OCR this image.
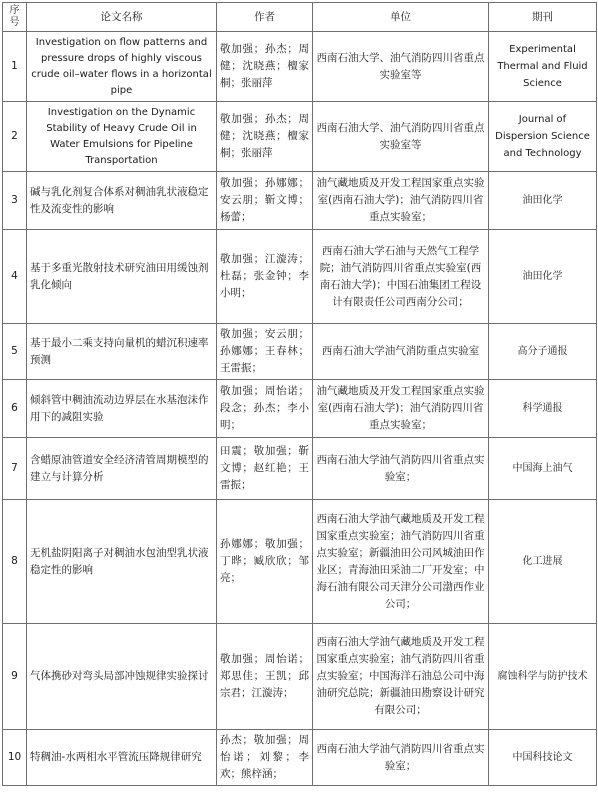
序号	论文名称	作者	单位	期刊
1	Investigation on flow patterns and pressure drops of highly viscous crude oil–water flows in a horizontal pipe	敬加强；孙杰；周健；沈晓燕；檀家桐；张丽萍	西南石油大学、油气消防四川省重点实验室等	Experimental Thermal and Fluid Science
2	Investigation on the Dynamic Stability of Heavy Crude Oil in Water Emulsions for Pipeline Transportation	敬加强；孙杰；周健；沈晓燕；檀家桐；张丽萍	西南石油大学、油气消防四川省重点实验室等	Journal of Dispersion Science and Technology
3	碱与乳化剂复合体系对稠油乳状液稳定性及流变性的影响	敬加强；孙娜娜；安云朋；靳文博；杨蕾；	油气藏地质及开发工程国家重点实验室(西南石油大学)；油气消防四川省重点实验室；	油田化学
4	基于多重光散射技术研究油田用缓蚀剂乳化倾向	敬加强；江漩涛；杜磊；张金钟；李小明；	西南石油大学石油与天然气工程学院；油气消防四川省重点实验室(西南石油大学)；中国石油集团工程设计有限责任公司西南分公司；	油田化学
5	基于最小二乘支持向量机的蜡沉积速率预测	敬加强；安云朋；孙娜娜；王春林；王雷振；	西南石油大学油气消防重点实验室	高分子通报
6	倾斜管中稠油流动边界层在水基泡沫作用下的减阻实验	敬加强；周怡诺；段念；孙杰；李小明；	油气藏地质及开发工程国家重点实验室(西南石油大学)；油气消防四川省重点实验室；	科学通报
7	含蜡原油管道安全经济清管周期模型的建立与计算分析	田震；敬加强；靳文博；赵红艳；王雷振；	西南石油大学油气消防四川省重点实验室；	中国海上油气
8	无机盐阴阳离子对稠油水包油型乳状液稳定性的影响	孙娜娜；敬加强；丁晔；臧欣欣；邹亮；	西南石油大学油气藏地质及开发工程国家重点实验室；油气消防四川省重点实验室；新疆油田公司风城油田作业区；青海油田采油二厂开发室；中海石油有限公司天津分公司渤西作业公司；	化工进展
9	气体携砂对弯头局部冲蚀规律实验探讨	敬加强；周怡诺；郑思佳；王凯；邱宗君；江漩涛；	西南石油大学油气藏地质及开发工程国家重点实验室；油气消防四川省重点实验室；中国海洋石油总公司中海油研究总院；新疆油田勘察设计研究有限公司；	腐蚀科学与防护技术
10	特稠油-水两相水平管流压降规律研究	孙杰；敬加强；周怡诺；刘黎；李欢；熊梓涵；	西南石油大学油气消防四川省重点实验室；	中国科技论文
